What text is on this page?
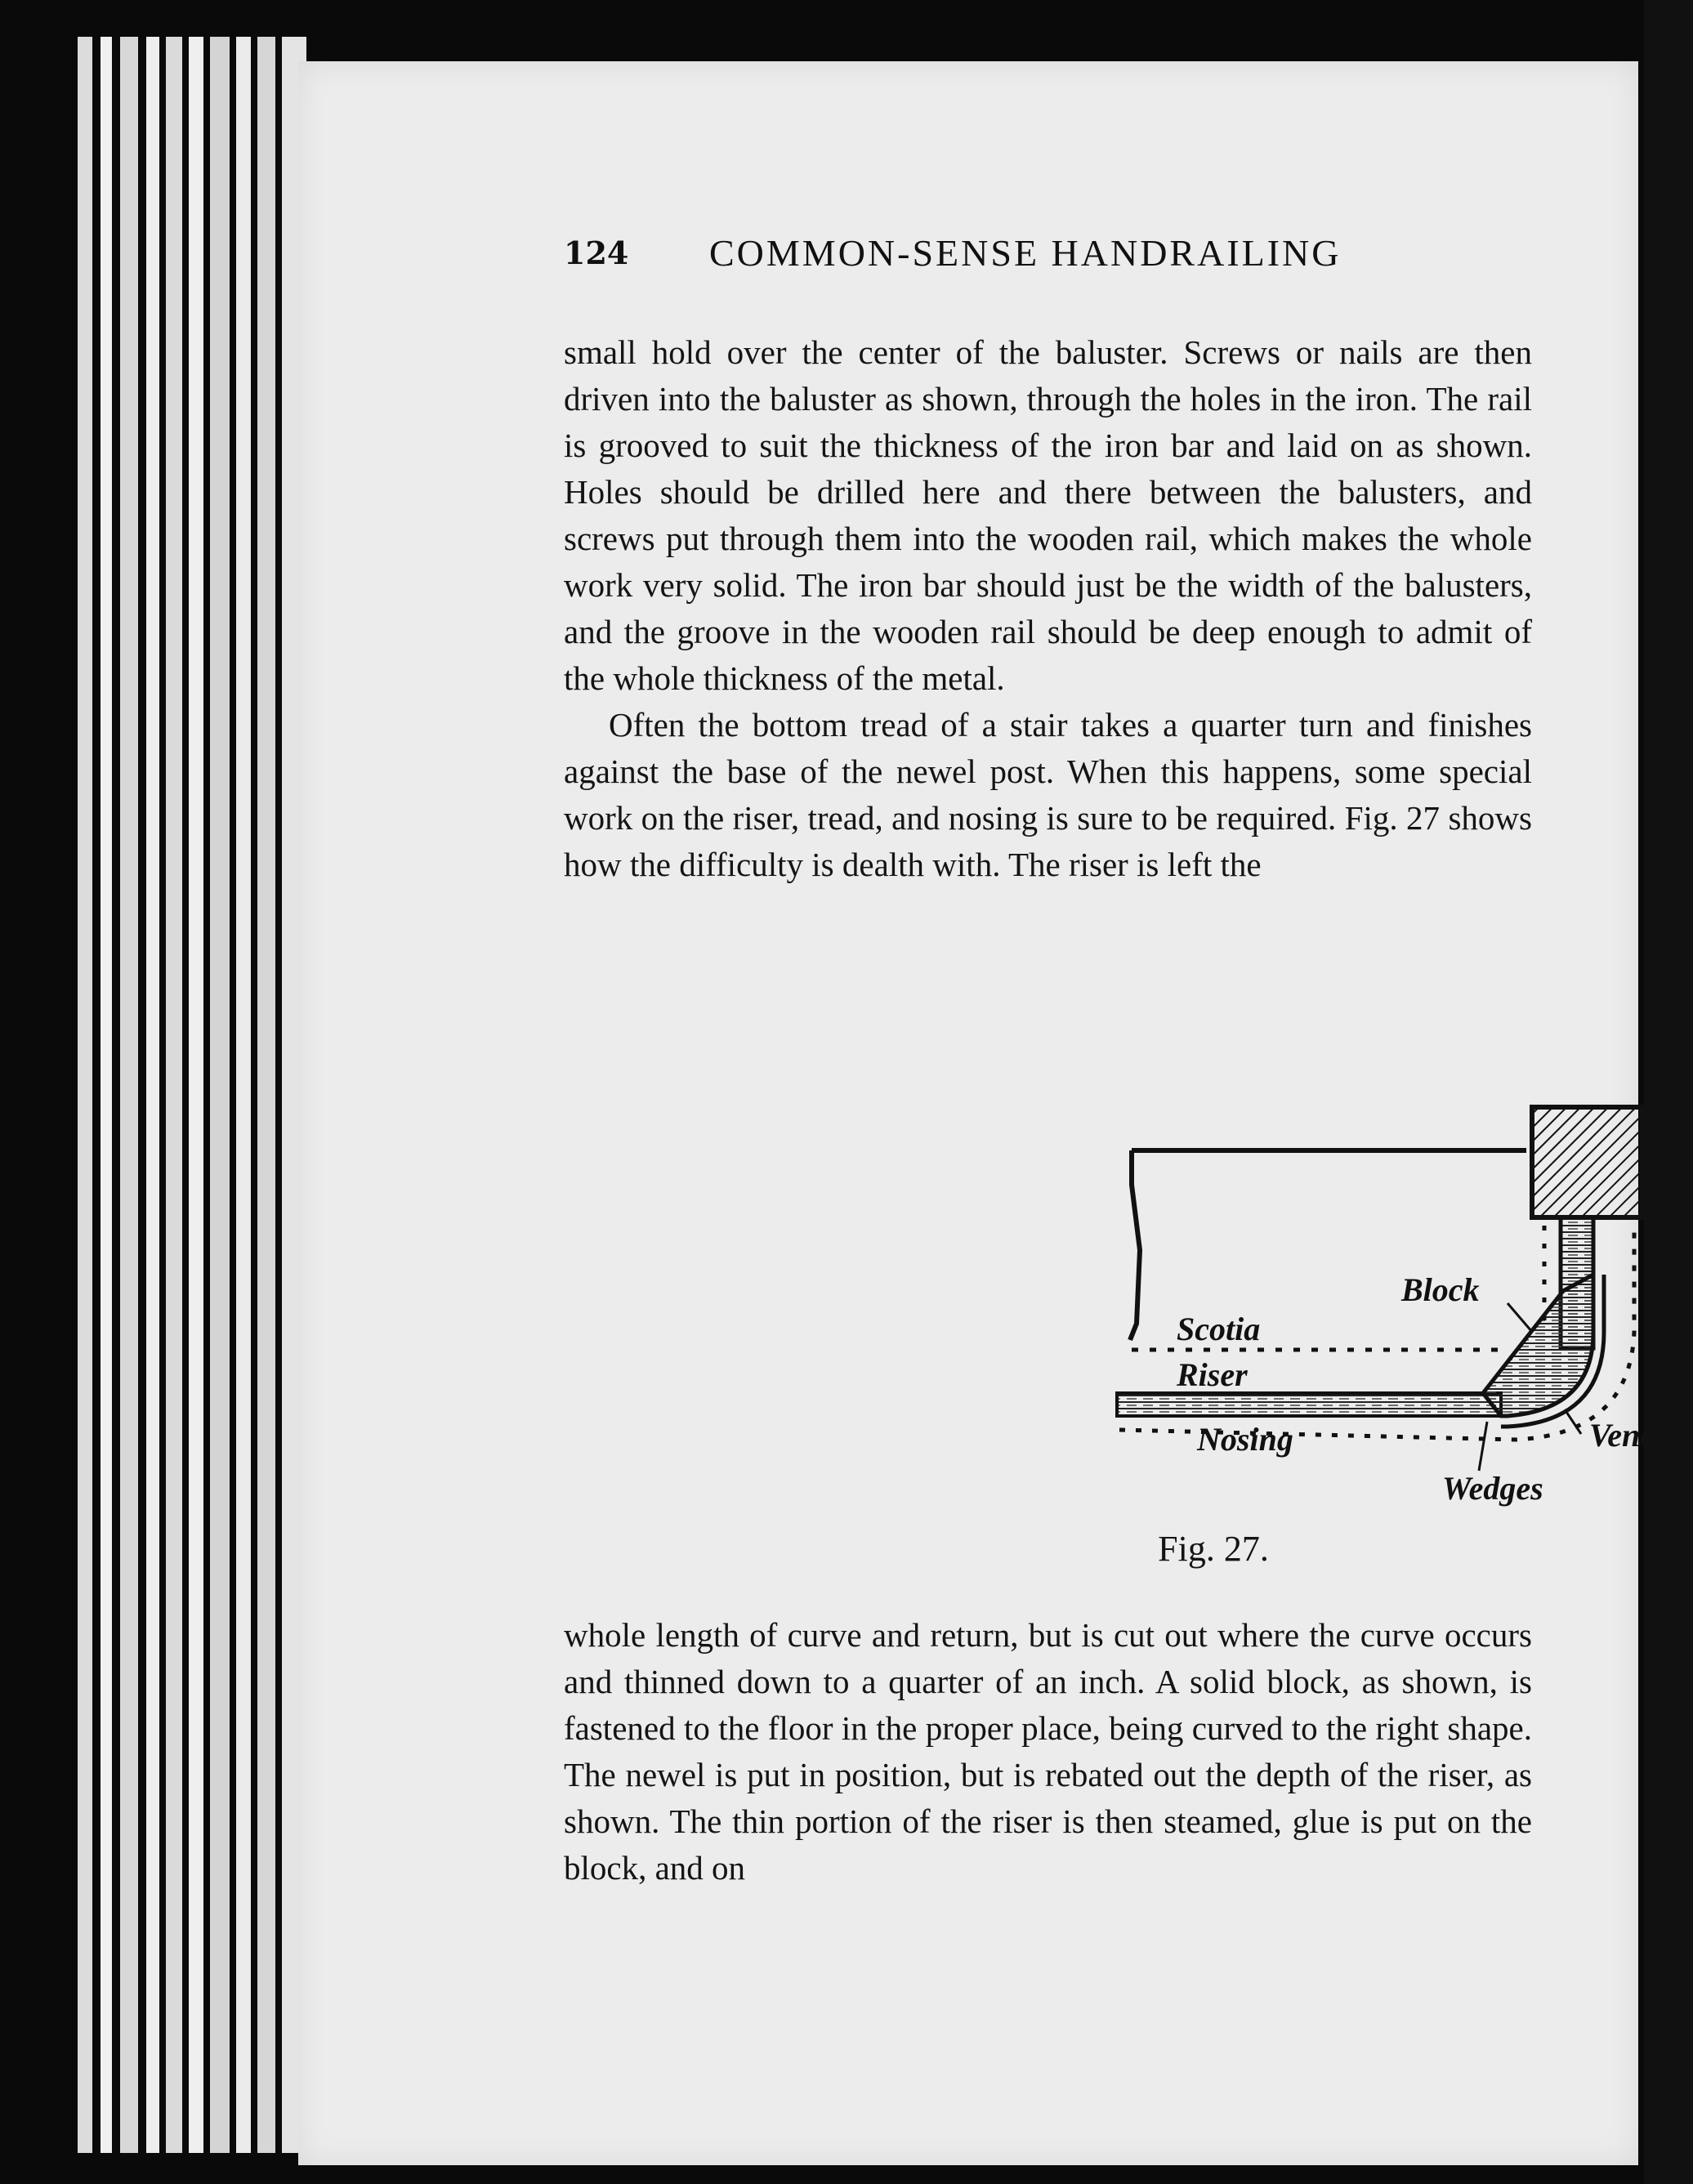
124 COMMON-SENSE HANDRAILING

small hold over the center of the baluster. Screws or nails are then driven into the baluster as shown, through the holes in the iron. The rail is grooved to suit the thickness of the iron bar and laid on as shown. Holes should be drilled here and there between the balusters, and screws put through them into the wooden rail, which makes the whole work very solid. The iron bar should just be the width of the balusters, and the groove in the wooden rail should be deep enough to admit of the whole thickness of the metal.

Often the bottom tread of a stair takes a quarter turn and finishes against the base of the newel post. When this happens, some special work on the riser, tread, and nosing is sure to be required. Fig. 27 shows how the difficulty is dealth with. The riser is left the

Block
Scotia
Riser
Nosing	Veneer
Wedges
Fig. 27.

whole length of curve and return, but is cut out where the curve occurs and thinned down to a quarter of an inch. A solid block, as shown, is fastened to the floor in the proper place, being curved to the right shape. The newel is put in position, but is rebated out the depth of the riser, as shown. The thin portion of the riser is then steamed, glue is put on the block, and on
